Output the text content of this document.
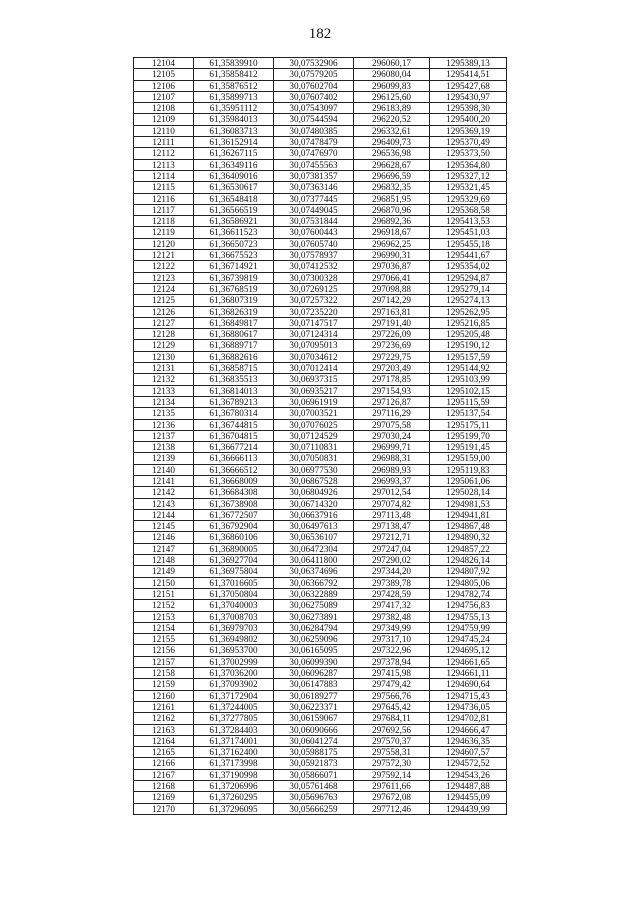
182
12104	61,35839910	30,07532906	296060,17	1295389,13
12105	61,35858412	30,07579205	296080,04	1295414,51
12106	61,35876512	30,07602704	296099,83	1295427,68
12107	61,35899713	30,07607402	296125,60	1295430,97
12108	61,35951112	30,07543097	296183,89	1295398,30
12109	61,35984013	30,07544594	296220,52	1295400,20
12110	61,36083713	30,07480385	296332,61	1295369,19
12111	61,36152914	30,07478479	296409,73	1295370,49
12112	61,36267115	30,07476970	296536,98	1295373,50
12113	61,36349116	30,07455563	296628,67	1295364,80
12114	61,36409016	30,07381357	296696,59	1295327,12
12115	61,36530617	30,07363146	296832,35	1295321,45
12116	61,36548418	30,07377445	296851,95	1295329,69
12117	61,36566519	30,07449045	296870,96	1295368,58
12118	61,36586921	30,07531844	296892,36	1295413,53
12119	61,36611523	30,07600443	296918,67	1295451,03
12120	61,36650723	30,07605740	296962,25	1295455,18
12121	61,36675523	30,07578937	296990,31	1295441,67
12122	61,36714921	30,07412532	297036,87	1295354,02
12123	61,36739819	30,07300328	297066,41	1295294,87
12124	61,36768519	30,07269125	297098,88	1295279,14
12125	61,36807319	30,07257322	297142,29	1295274,13
12126	61,36826319	30,07235220	297163,81	1295262,95
12127	61,36849817	30,07147517	297191,40	1295216,85
12128	61,36880617	30,07124314	297226,09	1295205,48
12129	61,36889717	30,07095013	297236,69	1295190,12
12130	61,36882616	30,07034612	297229,75	1295157,59
12131	61,36858715	30,07012414	297203,49	1295144,92
12132	61,36835513	30,06937315	297178,85	1295103,99
12133	61,36814013	30,06935217	297154,93	1295102,15
12134	61,36789213	30,06961919	297126,87	1295115,59
12135	61,36780314	30,07003521	297116,29	1295137,54
12136	61,36744815	30,07076025	297075,58	1295175,11
12137	61,36704815	30,07124529	297030,24	1295199,70
12138	61,36677214	30,07110831	296999,71	1295191,45
12139	61,36666113	30,07050831	296988,31	1295159,00
12140	61,36666512	30,06977530	296989,93	1295119,83
12141	61,36668009	30,06867528	296993,37	1295061,06
12142	61,36684308	30,06804926	297012,54	1295028,14
12143	61,36738908	30,06714320	297074,82	1294981,53
12144	61,36772507	30,06637916	297113,48	1294941,81
12145	61,36792904	30,06497613	297138,47	1294867,48
12146	61,36860106	30,06536107	297212,71	1294890,32
12147	61,36890005	30,06472304	297247,04	1294857,22
12148	61,36927704	30,06411800	297290,02	1294826,14
12149	61,36975804	30,06374696	297344,20	1294807,92
12150	61,37016605	30,06366792	297389,78	1294805,06
12151	61,37050804	30,06322889	297428,59	1294782,74
12152	61,37040003	30,06275089	297417,32	1294756,83
12153	61,37008703	30,06273891	297382,48	1294755,13
12154	61,36979703	30,06284794	297349,99	1294759,99
12155	61,36949802	30,06259096	297317,10	1294745,24
12156	61,36953700	30,06165095	297322,96	1294695,12
12157	61,37002999	30,06099390	297378,94	1294661,65
12158	61,37036200	30,06096287	297415,98	1294661,11
12159	61,37093902	30,06147883	297479,42	1294690,64
12160	61,37172904	30,06189277	297566,76	1294715,43
12161	61,37244005	30,06223371	297645,42	1294736,05
12162	61,37277805	30,06159067	297684,11	1294702,81
12163	61,37284403	30,06090666	297692,56	1294666,47
12164	61,37174001	30,06041274	297570,37	1294636,35
12165	61,37162400	30,05988175	297558,31	1294607,57
12166	61,37173998	30,05921873	297572,30	1294572,52
12167	61,37190998	30,05866071	297592,14	1294543,26
12168	61,37206996	30,05761468	297611,66	1294487,88
12169	61,37260295	30,05696763	297672,08	1294455,09
12170	61,37296095	30,05666259	297712,46	1294439,99
